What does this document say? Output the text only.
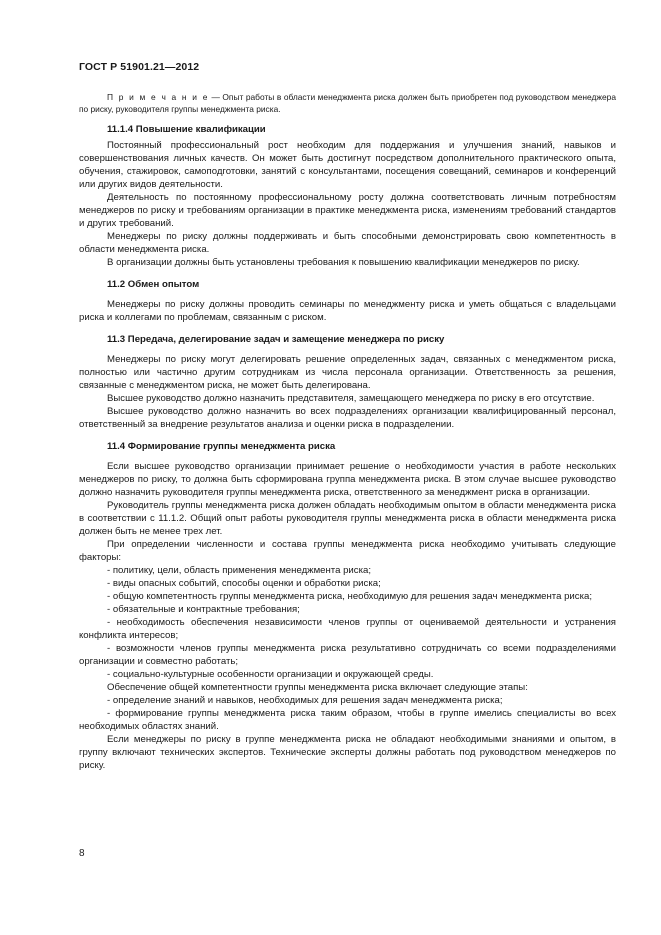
ГОСТ Р 51901.21—2012
П р и м е ч а н и е — Опыт работы в области менеджмента риска должен быть приобретен под руководством менеджера по риску, руководителя группы менеджмента риска.
11.1.4 Повышение квалификации

Постоянный профессиональный рост необходим для поддержания и улучшения знаний, навыков и совершенствования личных качеств. Он может быть достигнут посредством дополнительного практического опыта, обучения, стажировок, самоподготовки, занятий с консультантами, посещения совещаний, семинаров и конференций или других видов деятельности.

Деятельность по постоянному профессиональному росту должна соответствовать личным потребностям менеджеров по риску и требованиям организации в практике менеджмента риска, изменениям требований стандартов и других требований.

Менеджеры по риску должны поддерживать и быть способными демонстрировать свою компетентность в области менеджмента риска.

В организации должны быть установлены требования к повышению квалификации менеджеров по риску.

11.2 Обмен опытом

Менеджеры по риску должны проводить семинары по менеджменту риска и уметь общаться с владельцами риска и коллегами по проблемам, связанным с риском.

11.3 Передача, делегирование задач и замещение менеджера по риску

Менеджеры по риску могут делегировать решение определенных задач, связанных с менеджментом риска, полностью или частично другим сотрудникам из числа персонала организации. Ответственность за решения, связанные с менеджментом риска, не может быть делегирована.

Высшее руководство должно назначить представителя, замещающего менеджера по риску в его отсутствие.

Высшее руководство должно назначить во всех подразделениях организации квалифицированный персонал, ответственный за внедрение результатов анализа и оценки риска в подразделении.

11.4 Формирование группы менеджмента риска

Если высшее руководство организации принимает решение о необходимости участия в работе нескольких менеджеров по риску, то должна быть сформирована группа менеджмента риска. В этом случае высшее руководство должно назначить руководителя группы менеджмента риска, ответственного за менеджмент риска в организации.

Руководитель группы менеджмента риска должен обладать необходимым опытом в области менеджмента риска в соответствии с 11.1.2. Общий опыт работы руководителя группы менеджмента риска в области менеджмента риска должен быть не менее трех лет.

При определении численности и состава группы менеджмента риска необходимо учитывать следующие факторы:

- политику, цели, область применения менеджмента риска;

- виды опасных событий, способы оценки и обработки риска;

- общую компетентность группы менеджмента риска, необходимую для решения задач менеджмента риска;

- обязательные и контрактные требования;

- необходимость обеспечения независимости членов группы от оцениваемой деятельности и устранения конфликта интересов;

- возможности членов группы менеджмента риска результативно сотрудничать со всеми подразделениями организации и совместно работать;

- социально-культурные особенности организации и окружающей среды.

Обеспечение общей компетентности группы менеджмента риска включает следующие этапы:

- определение знаний и навыков, необходимых для решения задач менеджмента риска;

- формирование группы менеджмента риска таким образом, чтобы в группе имелись специалисты во всех необходимых областях знаний.

Если менеджеры по риску в группе менеджмента риска не обладают необходимыми знаниями и опытом, в группу включают технических экспертов. Технические эксперты должны работать под руководством менеджеров по риску.

8
